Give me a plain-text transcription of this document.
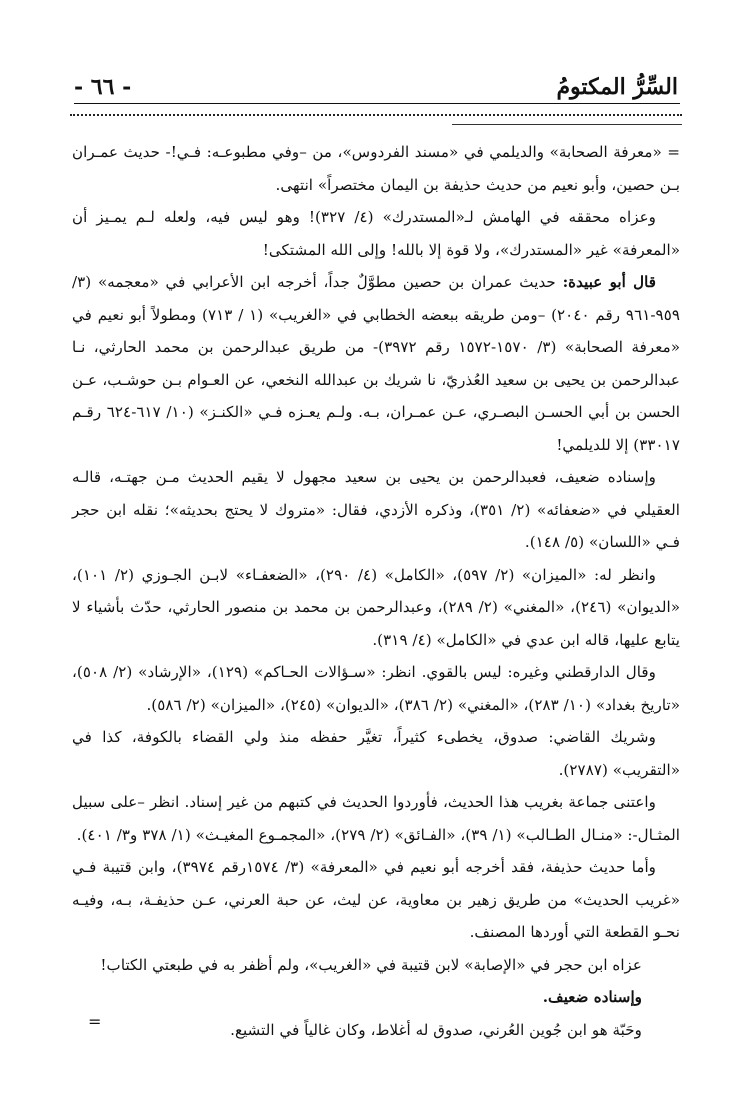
السِّرُّ المكتومُ
- ٦٦ -

= «معرفة الصحابة» والديلمي في «مسند الفردوس»، من –وفي مطبوعـه: فـي!- حديث عمـران بـن حصين، وأبو نعيم من حديث حذيفة بن اليمان مختصراً» انتهى.

وعزاه محققه في الهامش لـ«المستدرك» (٤/ ٣٢٧)! وهو ليس فيه، ولعله لـم يمـيز أن «المعرفة» غير «المستدرك»، ولا قوة إلا بالله! وإلى الله المشتكى!

قال أبو عبيدة: حديث عمران بن حصين مطوَّلٌ جداً، أخرجه ابن الأعرابي في «معجمه» (٣/ ٩٥٩-٩٦١ رقم ٢٠٤٠) –ومن طريقه ببعضه الخطابي في «الغريب» (١ / ٧١٣) ومطولاً أبو نعيم في «معرفة الصحابة» (٣/ ١٥٧٠-١٥٧٢ رقم ٣٩٧٢)- من طريق عبدالرحمن بن محمد الحارثي، نـا عبدالرحمن بن يحيى بن سعيد العُذريّ، نا شريك بن عبدالله النخعي، عن العـوام بـن حوشـب، عـن الحسن بن أبي الحسـن البصـري، عـن عمـران، بـه. ولـم يعـزه فـي «الكنـز» (١٠/ ٦١٧-٦٢٤ رقـم ٣٣٠١٧) إلا للديلمي!

وإسناده ضعيف، فعبدالرحمن بن يحيى بن سعيد مجهول لا يقيم الحديث مـن جهتـه، قالـه العقيلي في «ضعفائه» (٢/ ٣٥١)، وذكره الأزدي، فقال: «متروك لا يحتج بحديثه»؛ نقله ابن حجر فـي «اللسان» (٥/ ١٤٨).

وانظر له: «الميزان» (٢/ ٥٩٧)، «الكامل» (٤/ ٢٩٠)، «الضعفـاء» لابـن الجـوزي (٢/ ١٠١)، «الديوان» (٢٤٦)، «المغني» (٢/ ٢٨٩)، وعبدالرحمن بن محمد بن منصور الحارثي، حدّث بأشياء لا يتابع عليها، قاله ابن عدي في «الكامل» (٤/ ٣١٩).

وقال الدارقطني وغيره: ليس بالقوي. انظر: «سـؤالات الحـاكم» (١٢٩)، «الإرشاد» (٢/ ٥٠٨)، «تاريخ بغداد» (١٠/ ٢٨٣)، «المغني» (٢/ ٣٨٦)، «الديوان» (٢٤٥)، «الميزان» (٢/ ٥٨٦).

وشريك القاضي: صدوق، يخطىء كثيراً، تغيَّر حفظه منذ ولي القضاء بالكوفة، كذا في «التقريب» (٢٧٨٧).

واعتنى جماعة بغريب هذا الحديث، فأوردوا الحديث في كتبهم من غير إسناد. انظر –على سبيل المثـال-: «منـال الطـالب» (١/ ٣٩)، «الفـائق» (٢/ ٢٧٩)، «المجمـوع المغيـث» (١/ ٣٧٨ و٣/ ٤٠١).

وأما حديث حذيفة، فقد أخرجه أبو نعيم في «المعرفة» (٣/ ١٥٧٤رقم ٣٩٧٤)، وابن قتيبة فـي «غريب الحديث» من طريق زهير بن معاوية، عن ليث، عن حبة العرني، عـن حذيفـة، بـه، وفيـه نحـو القطعة التي أوردها المصنف.

عزاه ابن حجر في «الإصابة» لابن قتيبة في «الغريب»، ولم أظفر به في طبعتي الكتاب!

وإسناده ضعيف.

وحَبّة هو ابن جُوين العُرني، صدوق له أغلاط، وكان غالياً في التشيع.

=
